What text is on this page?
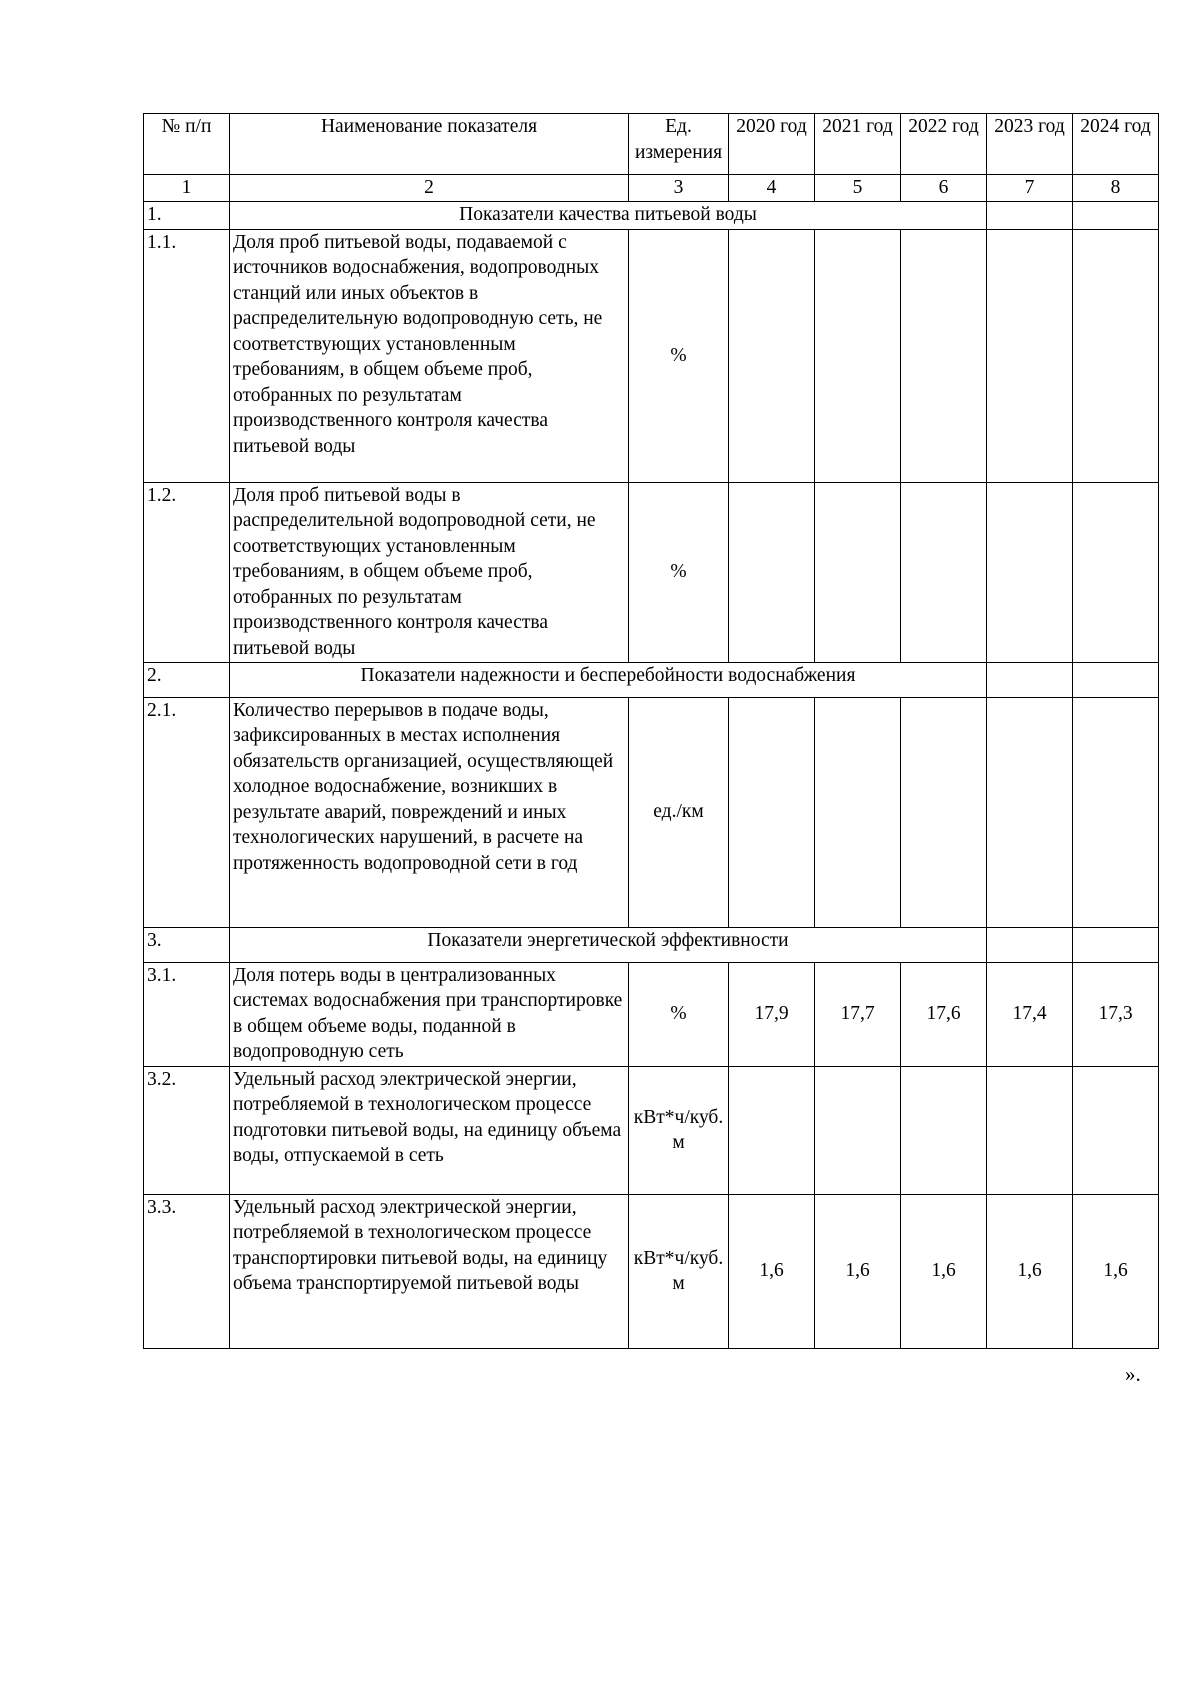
№ п/п	Наименование показателя	Ед. измерения	2020 год	2021 год	2022 год	2023 год	2024 год
1	2	3	4	5	6	7	8
1.	Показатели качества питьевой воды						
1.1.	Доля проб питьевой воды, подаваемой с источников водоснабжения, водопроводных станций или иных объектов в распределительную водопроводную сеть, не соответствующих установленным требованиям, в общем объеме проб, отобранных по результатам производственного контроля качества питьевой воды	%					
1.2.	Доля проб питьевой воды в распределительной водопроводной сети, не соответствующих установленным требованиям, в общем объеме проб, отобранных по результатам производственного контроля качества питьевой воды	%					
2.	Показатели надежности и бесперебойности водоснабжения						
2.1.	Количество перерывов в подаче воды, зафиксированных в местах исполнения обязательств организацией, осуществляющей холодное водоснабжение, возникших в результате аварий, повреждений и иных технологических нарушений, в расчете на протяженность водопроводной сети в год	ед./км					
3.	Показатели энергетической эффективности						
3.1.	Доля потерь воды в централизованных системах водоснабжения при транспортировке в общем объеме воды, поданной в водопроводную сеть	%	17,9	17,7	17,6	17,4	17,3
3.2.	Удельный расход электрической энергии, потребляемой в технологическом процессе подготовки питьевой воды, на единицу объема воды, отпускаемой в сеть	кВт*ч/куб. м					
3.3.	Удельный расход электрической энергии, потребляемой в технологическом процессе транспортировки питьевой воды, на единицу объема транспортируемой питьевой воды	кВт*ч/куб. м	1,6	1,6	1,6	1,6	1,6
».
